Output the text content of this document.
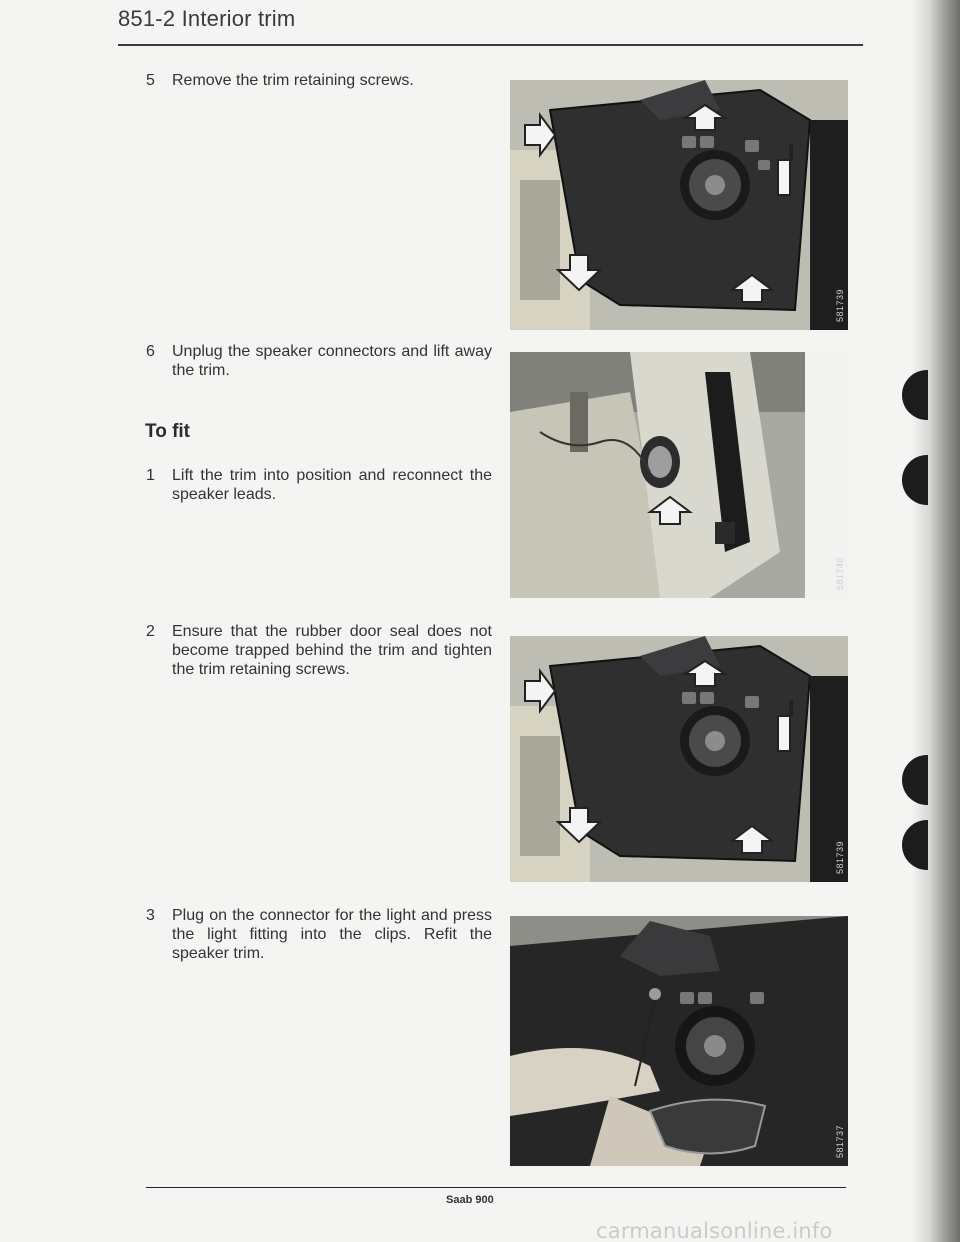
851-2 Interior trim
5 Remove the trim retaining screws.
6 Unplug the speaker connectors and lift away the trim.
To fit
1 Lift the trim into position and reconnect the speaker leads.
2 Ensure that the rubber door seal does not become trapped behind the trim and tighten the trim retaining screws.
3 Plug on the connector for the light and press the light fitting into the clips. Refit the speaker trim.
581739
581740
581739
581737
Saab 900
carmanualsonline.info
